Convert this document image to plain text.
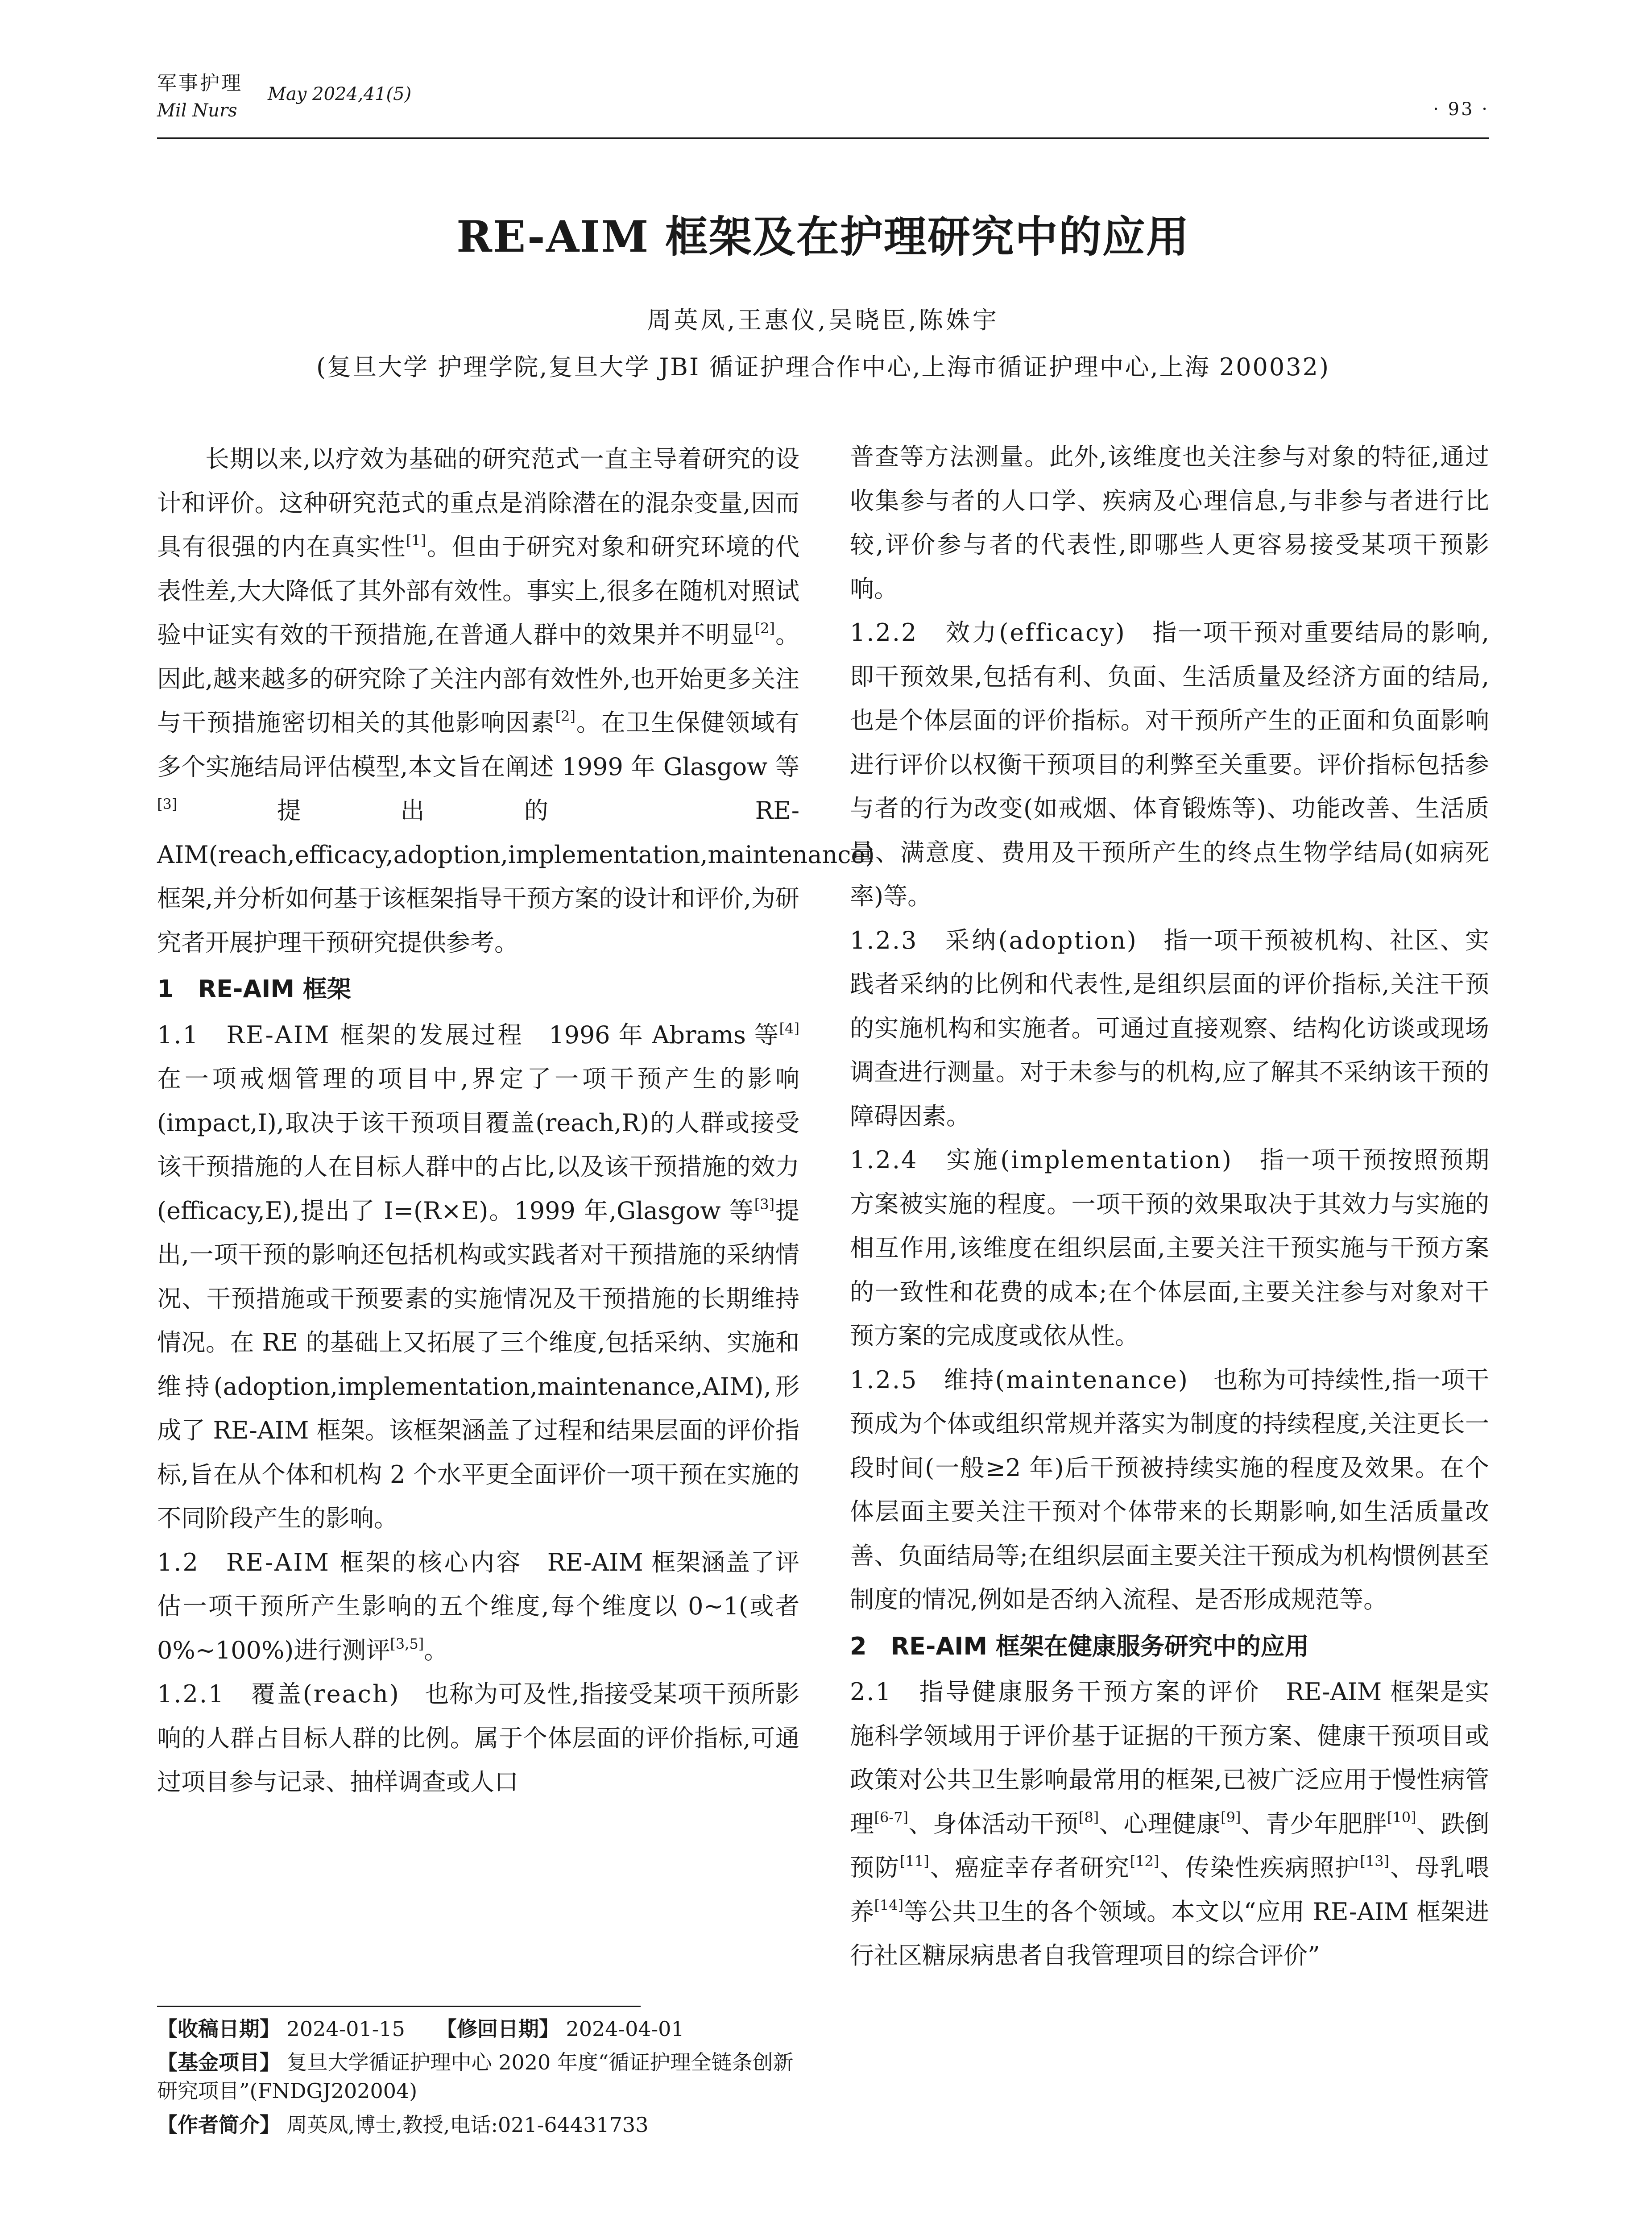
军事护理
Mil Nurs
May 2024,41(5)
· 93 ·
RE-AIM 框架及在护理研究中的应用
周英凤,王惠仪,吴晓臣,陈姝宇
(复旦大学 护理学院,复旦大学 JBI 循证护理合作中心,上海市循证护理中心,上海 200032)

长期以来,以疗效为基础的研究范式一直主导着研究的设计和评价。这种研究范式的重点是消除潜在的混杂变量,因而具有很强的内在真实性[1]。但由于研究对象和研究环境的代表性差,大大降低了其外部有效性。事实上,很多在随机对照试验中证实有效的干预措施,在普通人群中的效果并不明显[2]。因此,越来越多的研究除了关注内部有效性外,也开始更多关注与干预措施密切相关的其他影响因素[2]。在卫生保健领域有多个实施结局评估模型,本文旨在阐述 1999 年 Glasgow 等[3]提出的 RE-AIM(reach,efficacy,adoption,implementation,maintenance)框架,并分析如何基于该框架指导干预方案的设计和评价,为研究者开展护理干预研究提供参考。

1　RE-AIM 框架

1.1　RE-AIM 框架的发展过程　1996 年 Abrams 等[4]在一项戒烟管理的项目中,界定了一项干预产生的影响(impact,I),取决于该干预项目覆盖(reach,R)的人群或接受该干预措施的人在目标人群中的占比,以及该干预措施的效力(efficacy,E),提出了 I=(R×E)。1999 年,Glasgow 等[3]提出,一项干预的影响还包括机构或实践者对干预措施的采纳情况、干预措施或干预要素的实施情况及干预措施的长期维持情况。在 RE 的基础上又拓展了三个维度,包括采纳、实施和维持(adoption,implementation,maintenance,AIM),形成了 RE-AIM 框架。该框架涵盖了过程和结果层面的评价指标,旨在从个体和机构 2 个水平更全面评价一项干预在实施的不同阶段产生的影响。

1.2　RE-AIM 框架的核心内容　RE-AIM 框架涵盖了评估一项干预所产生影响的五个维度,每个维度以 0~1(或者 0%~100%)进行测评[3,5]。

1.2.1　覆盖(reach)　也称为可及性,指接受某项干预所影响的人群占目标人群的比例。属于个体层面的评价指标,可通过项目参与记录、抽样调查或人口

【收稿日期】 2024-01-15 【修回日期】 2024-04-01
【基金项目】 复旦大学循证护理中心 2020 年度“循证护理全链条创新研究项目”(FNDGJ202004)
【作者简介】 周英凤,博士,教授,电话:021-64431733

普查等方法测量。此外,该维度也关注参与对象的特征,通过收集参与者的人口学、疾病及心理信息,与非参与者进行比较,评价参与者的代表性,即哪些人更容易接受某项干预影响。

1.2.2　效力(efficacy)　指一项干预对重要结局的影响,即干预效果,包括有利、负面、生活质量及经济方面的结局,也是个体层面的评价指标。对干预所产生的正面和负面影响进行评价以权衡干预项目的利弊至关重要。评价指标包括参与者的行为改变(如戒烟、体育锻炼等)、功能改善、生活质量、满意度、费用及干预所产生的终点生物学结局(如病死率)等。

1.2.3　采纳(adoption)　指一项干预被机构、社区、实践者采纳的比例和代表性,是组织层面的评价指标,关注干预的实施机构和实施者。可通过直接观察、结构化访谈或现场调查进行测量。对于未参与的机构,应了解其不采纳该干预的障碍因素。

1.2.4　实施(implementation)　指一项干预按照预期方案被实施的程度。一项干预的效果取决于其效力与实施的相互作用,该维度在组织层面,主要关注干预实施与干预方案的一致性和花费的成本;在个体层面,主要关注参与对象对干预方案的完成度或依从性。

1.2.5　维持(maintenance)　也称为可持续性,指一项干预成为个体或组织常规并落实为制度的持续程度,关注更长一段时间(一般≥2 年)后干预被持续实施的程度及效果。在个体层面主要关注干预对个体带来的长期影响,如生活质量改善、负面结局等;在组织层面主要关注干预成为机构惯例甚至制度的情况,例如是否纳入流程、是否形成规范等。

2　RE-AIM 框架在健康服务研究中的应用

2.1　指导健康服务干预方案的评价　RE-AIM 框架是实施科学领域用于评价基于证据的干预方案、健康干预项目或政策对公共卫生影响最常用的框架,已被广泛应用于慢性病管理[6-7]、身体活动干预[8]、心理健康[9]、青少年肥胖[10]、跌倒预防[11]、癌症幸存者研究[12]、传染性疾病照护[13]、母乳喂养[14]等公共卫生的各个领域。本文以“应用 RE-AIM 框架进行社区糖尿病患者自我管理项目的综合评价”
